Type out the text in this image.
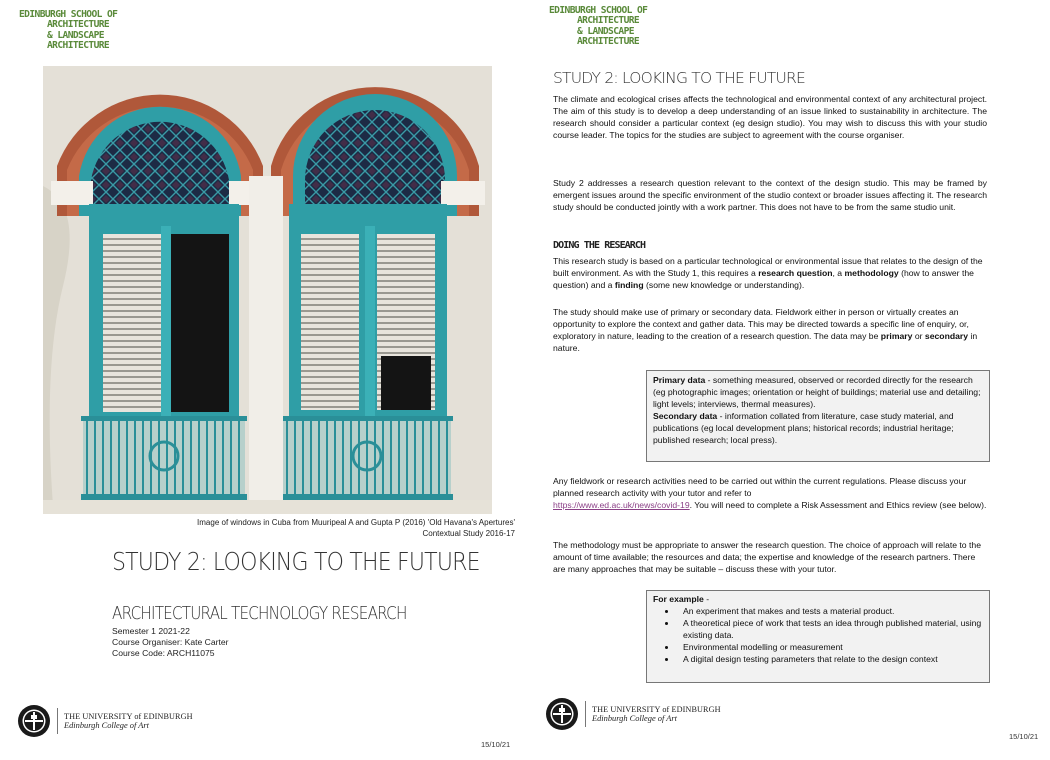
EDINBURGH SCHOOL OF
ARCHITECTURE
& LANDSCAPE
ARCHITECTURE
Image of windows in Cuba from Muuripeal A and Gupta P (2016) 'Old Havana's Apertures'
Contextual Study 2016-17
STUDY 2: LOOKING TO THE FUTURE
ARCHITECTURAL TECHNOLOGY RESEARCH
Semester 1 2021-22
Course Organiser: Kate Carter
Course Code: ARCH11075
THE UNIVERSITY of EDINBURGH
Edinburgh College of Art
15/10/21
EDINBURGH SCHOOL OF
ARCHITECTURE
& LANDSCAPE
ARCHITECTURE
STUDY 2: LOOKING TO THE FUTURE
The climate and ecological crises affects the technological and environmental context of any architectural project. The aim of this study is to develop a deep understanding of an issue linked to sustainability in architecture. The research should consider a particular context (eg design studio). You may wish to discuss this with your studio course leader. The topics for the studies are subject to agreement with the course organiser.
Study 2 addresses a research question relevant to the context of the design studio. This may be framed by emergent issues around the specific environment of the studio context or broader issues affecting it. The research study should be conducted jointly with a work partner. This does not have to be from the same studio unit.
DOING THE RESEARCH
This research study is based on a particular technological or environmental issue that relates to the design of the built environment. As with the Study 1, this requires a research question, a methodology (how to answer the question) and a finding (some new knowledge or understanding).
The study should make use of primary or secondary data. Fieldwork either in person or virtually creates an opportunity to explore the context and gather data. This may be directed towards a specific line of enquiry, or, exploratory in nature, leading to the creation of a research question. The data may be primary or secondary in nature.
Primary data - something measured, observed or recorded directly for the research (eg photographic images; orientation or height of buildings; material use and detailing; light levels; interviews, thermal measures).
Secondary data - information collated from literature, case study material, and publications (eg local development plans; historical records; industrial heritage; published research; local press).
Any fieldwork or research activities need to be carried out within the current regulations. Please discuss your planned research activity with your tutor and refer to
https://www.ed.ac.uk/news/covid-19. You will need to complete a Risk Assessment and Ethics review (see below).
The methodology must be appropriate to answer the research question. The choice of approach will relate to the amount of time available; the resources and data; the expertise and knowledge of the research partners. There are many approaches that may be suitable – discuss these with your tutor.
For example -
• An experiment that makes and tests a material product.
• A theoretical piece of work that tests an idea through published material, using existing data.
• Environmental modelling or measurement
• A digital design testing parameters that relate to the design context
THE UNIVERSITY of EDINBURGH
Edinburgh College of Art
15/10/21
